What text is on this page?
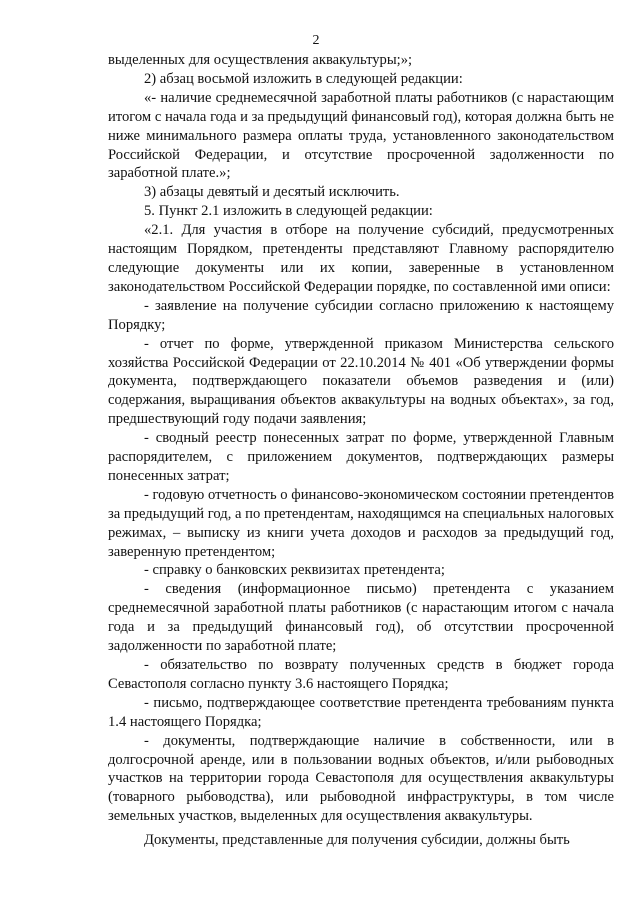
2

выделенных для осуществления аквакультуры;»;

2) абзац восьмой изложить в следующей редакции:

«- наличие среднемесячной заработной платы работников (с нарастающим итогом с начала года и за предыдущий финансовый год), которая должна быть не ниже минимального размера оплаты труда, установленного законодательством Российской Федерации, и отсутствие просроченной задолженности по заработной плате.»;

3) абзацы девятый и десятый исключить.

5. Пункт 2.1 изложить в следующей редакции:

«2.1. Для участия в отборе на получение субсидий, предусмотренных настоящим Порядком, претенденты представляют Главному распорядителю следующие документы или их копии, заверенные в установленном законодательством Российской Федерации порядке, по составленной ими описи:

- заявление на получение субсидии согласно приложению к настоящему Порядку;

- отчет по форме, утвержденной приказом Министерства сельского хозяйства Российской Федерации от 22.10.2014 № 401 «Об утверждении формы документа, подтверждающего показатели объемов разведения и (или) содержания, выращивания объектов аквакультуры на водных объектах», за год, предшествующий году подачи заявления;

- сводный реестр понесенных затрат по форме, утвержденной Главным распорядителем, с приложением документов, подтверждающих размеры понесенных затрат;

- годовую отчетность о финансово-экономическом состоянии претендентов за предыдущий год, а по претендентам, находящимся на специальных налоговых режимах, – выписку из книги учета доходов и расходов за предыдущий год, заверенную претендентом;

- справку о банковских реквизитах претендента;

- сведения (информационное письмо) претендента с указанием среднемесячной заработной платы работников (с нарастающим итогом с начала года и за предыдущий финансовый год), об отсутствии просроченной задолженности по заработной плате;

- обязательство по возврату полученных средств в бюджет города Севастополя согласно пункту 3.6 настоящего Порядка;

- письмо, подтверждающее соответствие претендента требованиям пункта 1.4 настоящего Порядка;

- документы, подтверждающие наличие в собственности, или в долгосрочной аренде, или в пользовании водных объектов, и/или рыбоводных участков на территории города Севастополя для осуществления аквакультуры (товарного рыбоводства), или рыбоводной инфраструктуры, в том числе земельных участков, выделенных для осуществления аквакультуры.

Документы, представленные для получения субсидии, должны быть
